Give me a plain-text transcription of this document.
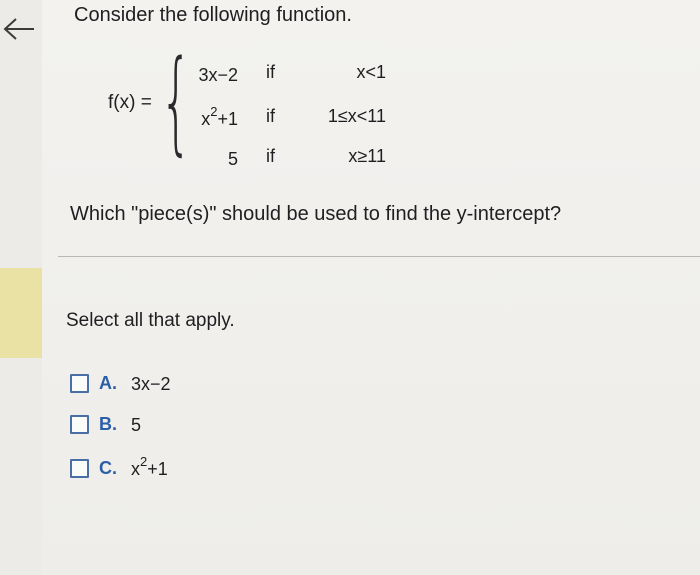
Consider the following function.
f(x) = { 3x−2 if	x<1
$x^2+1$ if	1≤x<11
5 if	x≥11
Which "piece(s)" should be used to find the y-intercept?
Select all that apply.
A. 3x−2
B. 5
C. $x^2+1$
